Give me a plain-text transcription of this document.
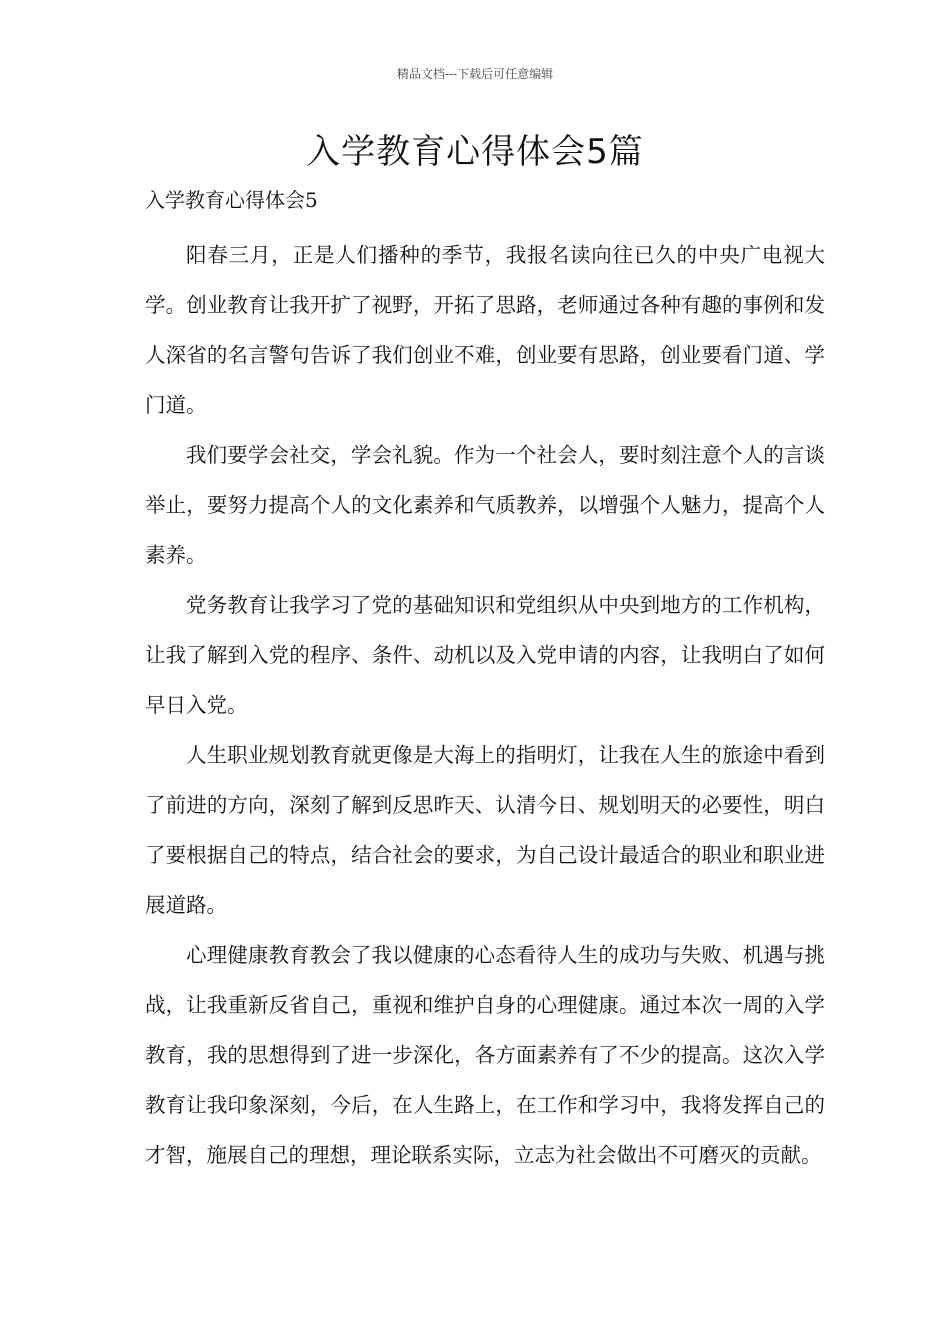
精品文档---下载后可任意编辑
入学教育心得体会5篇

入学教育心得体会5

阳春三月，正是人们播种的季节，我报名读向往已久的中央广电视大学。创业教育让我开扩了视野，开拓了思路，老师通过各种有趣的事例和发人深省的名言警句告诉了我们创业不难，创业要有思路，创业要看门道、学门道。

我们要学会社交，学会礼貌。作为一个社会人，要时刻注意个人的言谈举止，要努力提高个人的文化素养和气质教养，以增强个人魅力，提高个人素养。

党务教育让我学习了党的基础知识和党组织从中央到地方的工作机构，让我了解到入党的程序、条件、动机以及入党申请的内容，让我明白了如何早日入党。

人生职业规划教育就更像是大海上的指明灯，让我在人生的旅途中看到了前进的方向，深刻了解到反思昨天、认清今日、规划明天的必要性，明白了要根据自己的特点，结合社会的要求，为自己设计最适合的职业和职业进展道路。

心理健康教育教会了我以健康的心态看待人生的成功与失败、机遇与挑战，让我重新反省自己，重视和维护自身的心理健康。通过本次一周的入学教育，我的思想得到了进一步深化，各方面素养有了不少的提高。这次入学教育让我印象深刻，今后，在人生路上，在工作和学习中，我将发挥自己的才智，施展自己的理想，理论联系实际，立志为社会做出不可磨灭的贡献。
